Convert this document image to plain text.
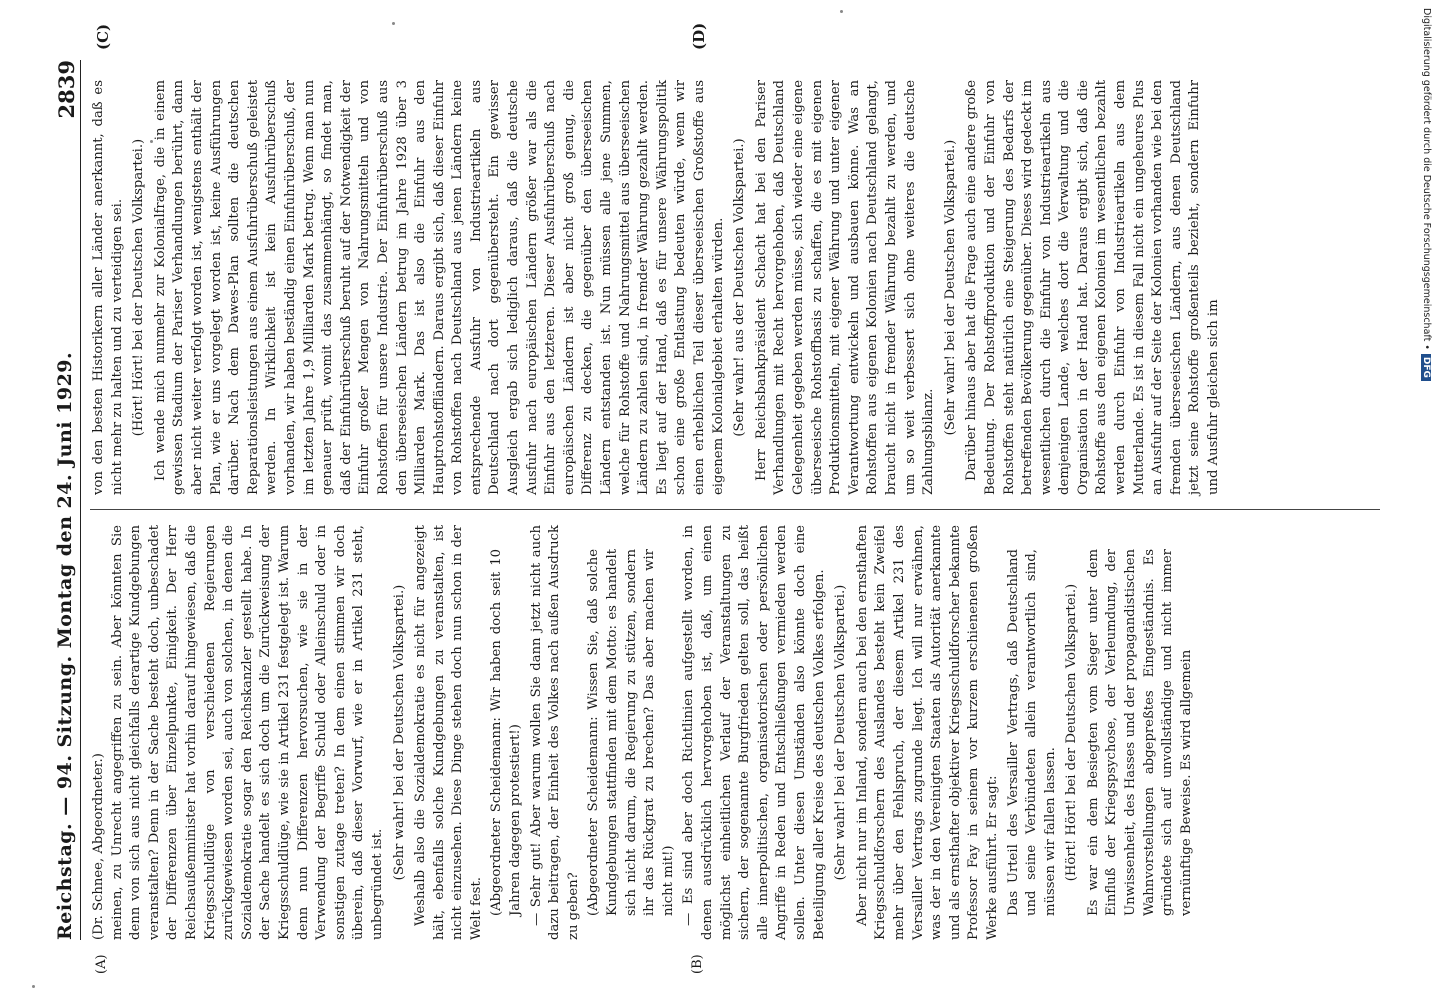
Reichstag. — 94. Sitzung. Montag den 24. Juni 1929.
2839
(A)	(B)
(C)	(D)

(Dr. Schnee, Abgeordneter.) meinen, zu Unrecht angegriffen zu sein. Aber könnten Sie denn von sich aus nicht gleichfalls derartige Kundgebungen veranstalten? Denn in der Sache besteht doch, unbeschadet der Differenzen über Einzelpunkte, Einigkeit. Der Herr Reichsaußenminister hat vorhin darauf hingewiesen, daß die Kriegsschuldlüge von verschiedenen Regierungen zurückgewiesen worden sei, auch von solchen, in denen die Sozialdemokratie sogar den Reichskanzler gestellt habe. In der Sache handelt es sich doch um die Zurückweisung der Kriegsschuldlüge, wie sie in Artikel 231 festgelegt ist. Warum denn nun Differenzen hervorsuchen, wie sie in der Verwendung der Begriffe Schuld oder Alleinschuld oder in sonstigen zutage treten? In dem einen stimmen wir doch überein, daß dieser Vorwurf, wie er in Artikel 231 steht, unbegründet ist.

(Sehr wahr! bei der Deutschen Volkspartei.) Weshalb also die Sozialdemokratie es nicht für angezeigt hält, ebenfalls solche Kundgebungen zu veranstalten, ist nicht einzusehen. Diese Dinge stehen doch nun schon in der Welt fest. (Abgeordneter Scheidemann: Wir haben doch seit 10 Jahren dagegen protestiert!) — Sehr gut! Aber warum wollen Sie dann jetzt nicht auch dazu beitragen, der Einheit des Volkes nach außen Ausdruck zu geben? (Abgeordneter Scheidemann: Wissen Sie, daß solche Kundgebungen stattfinden mit dem Motto: es handelt sich nicht darum, die Regierung zu stützen, sondern ihr das Rückgrat zu brechen? Das aber machen wir nicht mit!) — Es sind aber doch Richtlinien aufgestellt worden, in denen ausdrücklich hervorgehoben ist, daß, um einen möglichst einheitlichen Verlauf der Veranstaltungen zu sichern, der sogenannte Burgfrieden gelten soll, das heißt alle innerpolitischen, organisatorischen oder persönlichen Angriffe in Reden und Entschließungen vermieden werden sollen. Unter diesen Umständen also könnte doch eine Beteiligung aller Kreise des deutschen Volkes erfolgen. (Sehr wahr! bei der Deutschen Volkspartei.) Aber nicht nur im Inland, sondern auch bei den ernsthaften Kriegsschuldforschern des Auslandes besteht kein Zweifel mehr über den Fehlspruch, der diesem Artikel 231 des Versailler Vertrags zugrunde liegt. Ich will nur erwähnen, was der in den Vereinigten Staaten als Autorität anerkannte und als ernsthafter objektiver Kriegsschuldforscher bekannte Professor Fay in seinem vor kurzem erschienenen großen Werke ausführt. Er sagt: Das Urteil des Versailler Vertrags, daß Deutschland und seine Verbündeten allein verantwortlich sind, müssen wir fallen lassen. (Hört! Hört! bei der Deutschen Volkspartei.) Es war ein dem Besiegten vom Sieger unter dem Einfluß der Kriegspsychose, der Verleumdung, der Unwissenheit, des Hasses und der propagandistischen Wahnvorstellungen abgepreßtes Eingeständnis. Es gründete sich auf unvollständige und nicht immer vernünftige Beweise. Es wird allgemein

von den besten Historikern aller Länder anerkannt, daß es nicht mehr zu halten und zu verteidigen sei. (Hört! Hört! bei der Deutschen Volkspartei.) Ich wende mich nunmehr zur Kolonialfrage, die in einem gewissen Stadium der Pariser Verhandlungen berührt, dann aber nicht weiter verfolgt worden ist, wenigstens enthält der Plan, wie er uns vorgelegt worden ist, keine Ausführungen darüber. Nach dem Dawes-Plan sollten die deutschen Reparationsleistungen aus einem Ausfuhrüberschuß geleistet werden. In Wirklichkeit ist kein Ausfuhrüberschuß vorhanden, wir haben beständig einen Einfuhrüberschuß, der im letzten Jahre 1,9 Milliarden Mark betrug. Wenn man nun genauer prüft, womit das zusammenhängt, so findet man, daß der Einfuhrüberschuß beruht auf der Notwendigkeit der Einfuhr großer Mengen von Nahrungsmitteln und von Rohstoffen für unsere Industrie. Der Einfuhrüberschuß aus den überseeischen Ländern betrug im Jahre 1928 über 3 Milliarden Mark. Das ist also die Einfuhr aus den Hauptrohstoffländern. Daraus ergibt sich, daß dieser Einfuhr von Rohstoffen nach Deutschland aus jenen Ländern keine entsprechende Ausfuhr von Industrieartikeln aus Deutschland nach dort gegenübersteht. Ein gewisser Ausgleich ergab sich lediglich daraus, daß die deutsche Ausfuhr nach europäischen Ländern größer war als die Einfuhr aus den letzteren. Dieser Ausfuhrüberschuß nach europäischen Ländern ist aber nicht groß genug, die Differenz zu decken, die gegenüber den überseeischen Ländern entstanden ist. Nun müssen alle jene Summen, welche für Rohstoffe und Nahrungsmittel aus überseeischen Ländern zu zahlen sind, in fremder Währung gezahlt werden. Es liegt auf der Hand, daß es für unsere Währungspolitik schon eine große Entlastung bedeuten würde, wenn wir einen erheblichen Teil dieser überseeischen Großstoffe aus eigenem Kolonialgebiet erhalten würden. (Sehr wahr! aus der Deutschen Volkspartei.) Herr Reichsbankpräsident Schacht hat bei den Pariser Verhandlungen mit Recht hervorgehoben, daß Deutschland Gelegenheit gegeben werden müsse, sich wieder eine eigene überseeische Rohstoffbasis zu schaffen, die es mit eigenen Produktionsmitteln, mit eigener Währung und unter eigener Verantwortung entwickeln und ausbauen könne. Was an Rohstoffen aus eigenen Kolonien nach Deutschland gelangt, braucht nicht in fremder Währung bezahlt zu werden, und um so weit verbessert sich ohne weiteres die deutsche Zahlungsbilanz.

(Sehr wahr! bei der Deutschen Volkspartei.) Darüber hinaus aber hat die Frage auch eine andere große Bedeutung. Der Rohstoffproduktion und der Einfuhr von Rohstoffen steht natürlich eine Steigerung des Bedarfs der betreffenden Bevölkerung gegenüber. Dieses wird gedeckt im wesentlichen durch die Einfuhr von Industrieartikeln aus demjenigen Lande, welches dort die Verwaltung und die Organisation in der Hand hat. Daraus ergibt sich, daß die Rohstoffe aus den eigenen Kolonien im wesentlichen bezahlt werden durch Einfuhr von Industrieartikeln aus dem Mutterlande. Es ist in diesem Fall nicht ein ungeheures Plus an Ausfuhr auf der Seite der Kolonien vorhanden wie bei den fremden überseeischen Ländern, aus denen Deutschland jetzt seine Rohstoffe großenteils bezieht, sondern Einfuhr und Ausfuhr gleichen sich im

Digitalisierung gefördert durch die Deutsche Forschungsgemeinschaft •DFG
